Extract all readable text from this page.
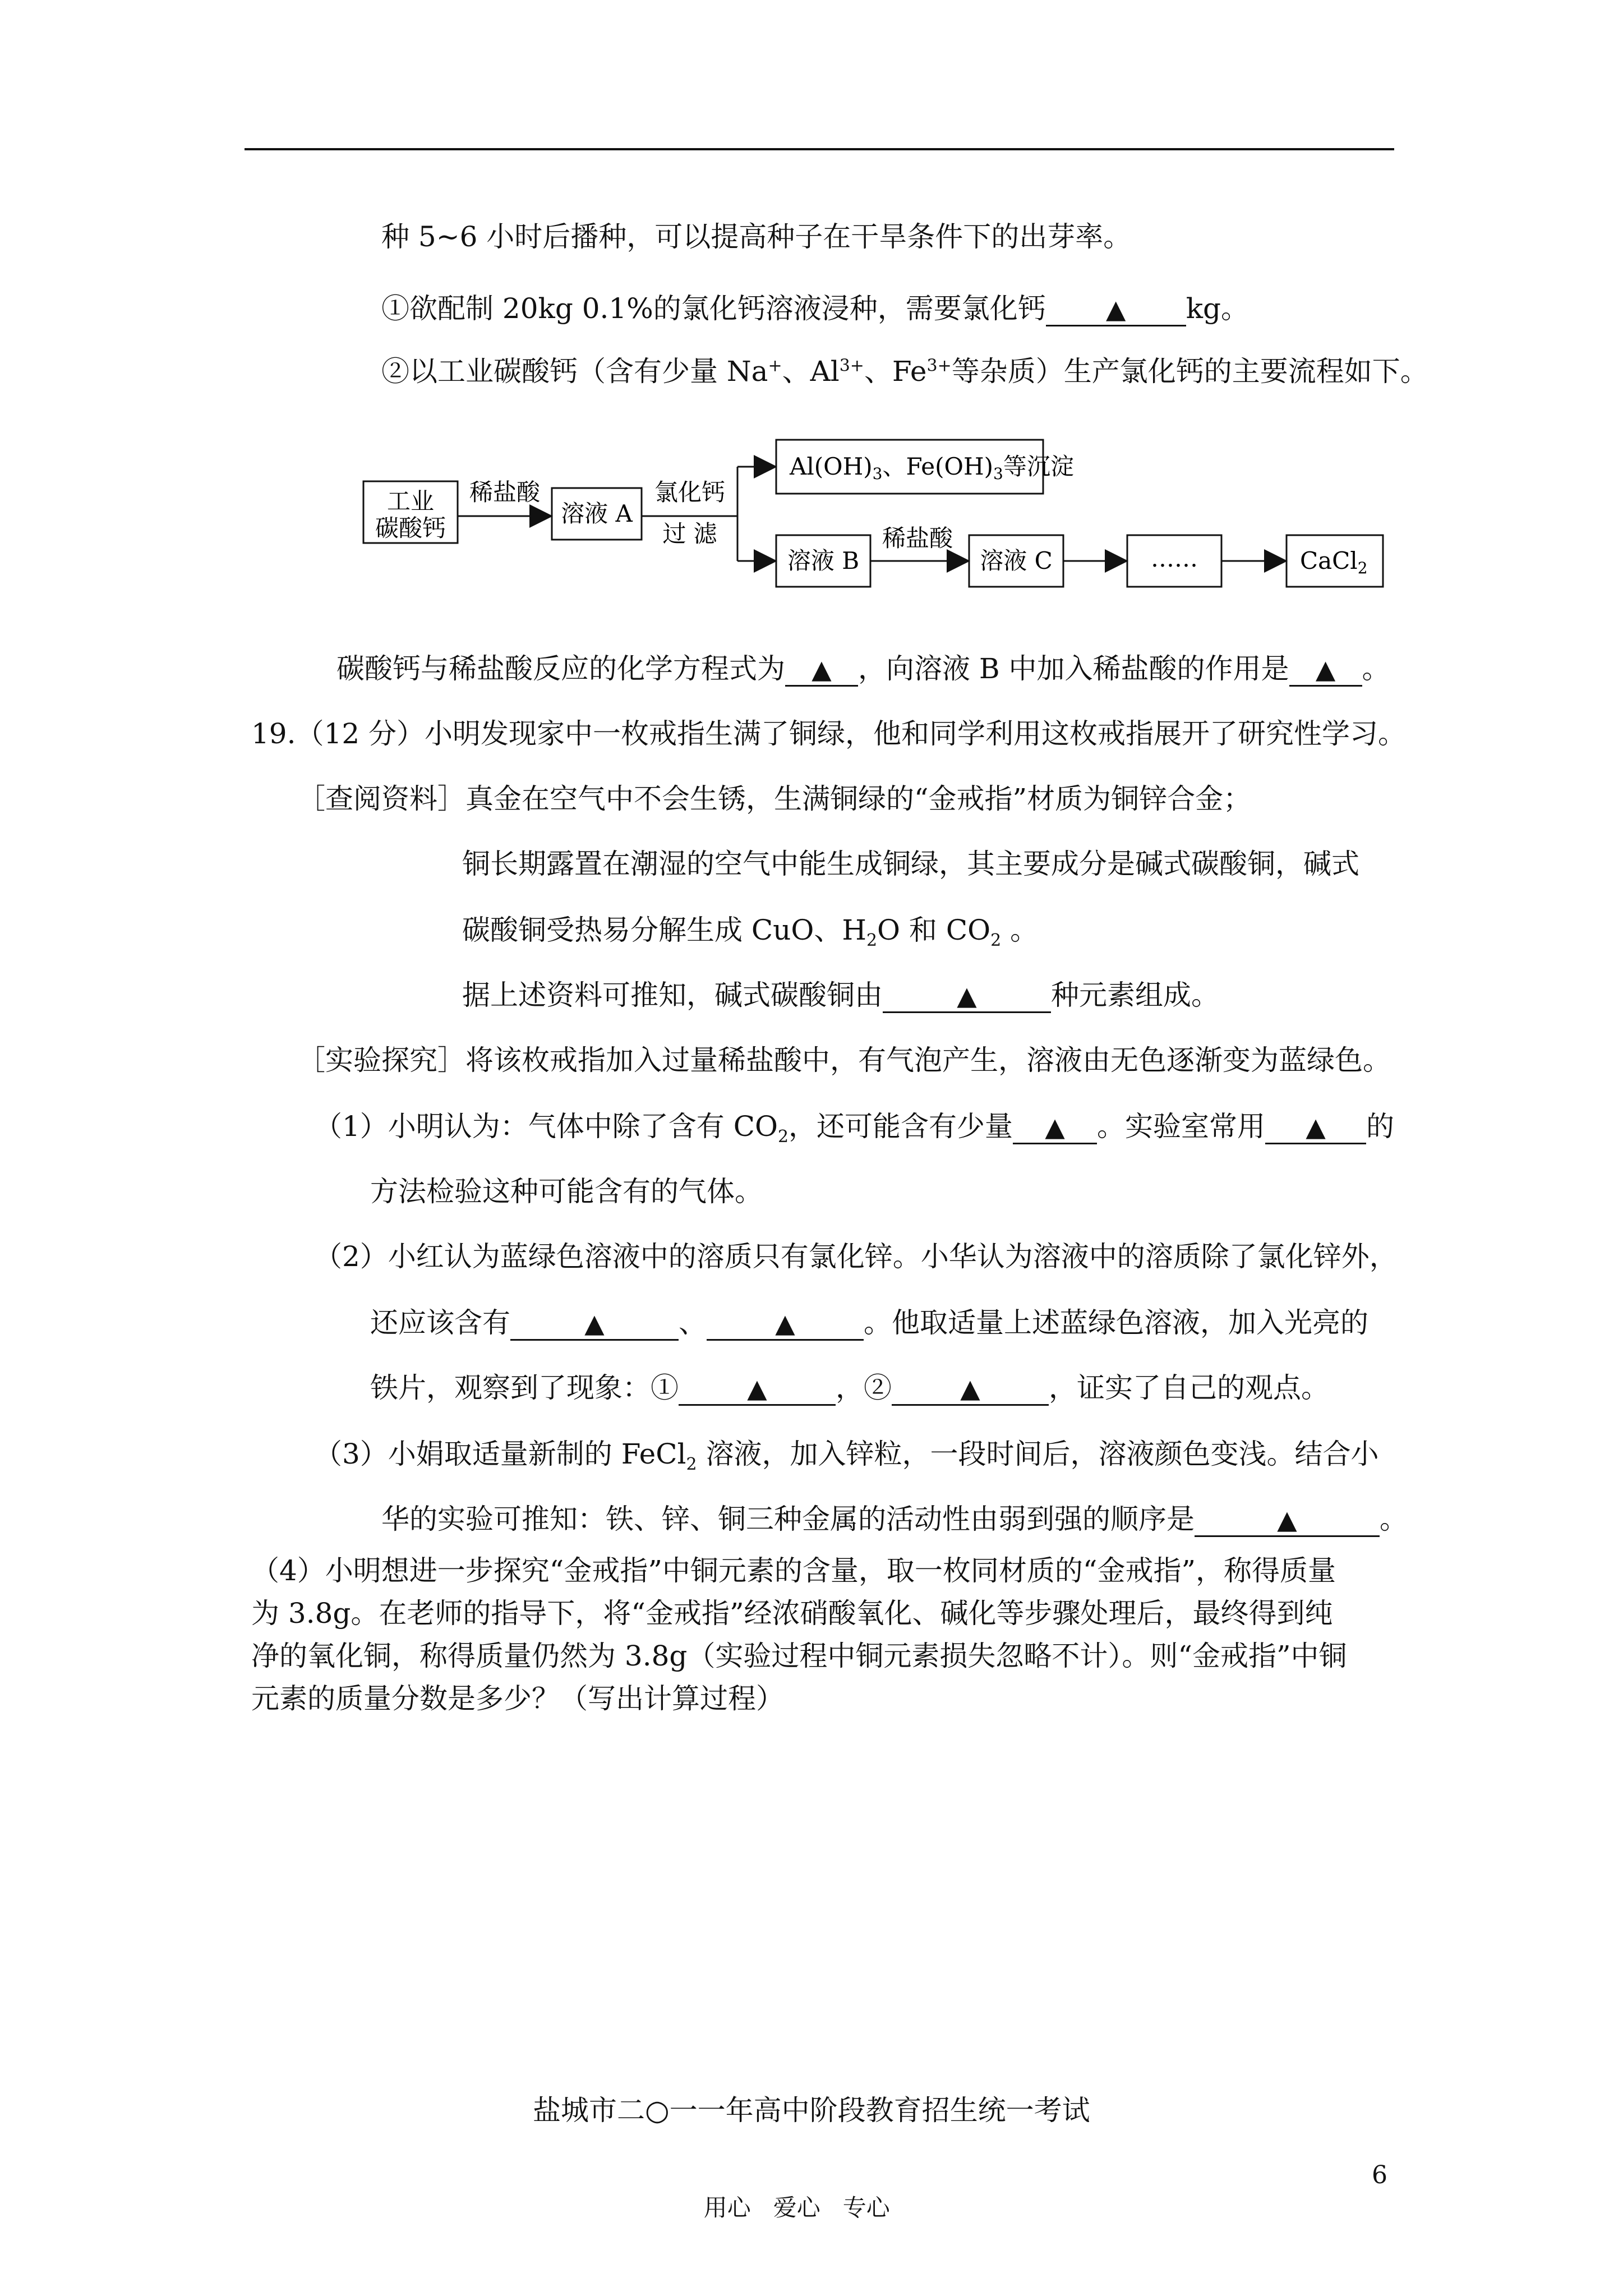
种 5~6 小时后播种，可以提高种子在干旱条件下的出芽率。
①欲配制 20kg 0.1%的氯化钙溶液浸种，需要氯化钙 ▲ kg。
②以工业碳酸钙（含有少量 Na+、$Al^{3+}$、$Fe^{3+}$等杂质）生产氯化钙的主要流程如下。
工业
碳酸钙
稀盐酸
溶液 A
氯化钙
过 滤
Al(OH)3、Fe(OH)3等沉淀
溶液 B
稀盐酸
溶液 C	……	CaCl2
碳酸钙与稀盐酸反应的化学方程式为 ▲ ，向溶液 B 中加入稀盐酸的作用是 ▲ 。
19.（12 分）小明发现家中一枚戒指生满了铜绿，他和同学利用这枚戒指展开了研究性学习。
［查阅资料］真金在空气中不会生锈，生满铜绿的“金戒指”材质为铜锌合金；
铜长期露置在潮湿的空气中能生成铜绿，其主要成分是碱式碳酸铜，碱式
碳酸铜受热易分解生成 CuO、$H_2O$ 和 $CO_2$ 。
据上述资料可推知，碱式碳酸铜由	▲	种元素组成。
［实验探究］将该枚戒指加入过量稀盐酸中，有气泡产生，溶液由无色逐渐变为蓝绿色。
（1）小明认为：气体中除了含有 $CO_2$，还可能含有少量 ▲ 。实验室常用 ▲ 的
方法检验这种可能含有的气体。
（2）小红认为蓝绿色溶液中的溶质只有氯化锌。小华认为溶液中的溶质除了氯化锌外，
还应该含有	▲	、	▲ 。他取适量上述蓝绿色溶液，加入光亮的
铁片，观察到了现象：①	▲ ，②	▲ ，证实了自己的观点。
（3）小娟取适量新制的 FeCl$_2$ 溶液，加入锌粒，一段时间后，溶液颜色变浅。结合小
华的实验可推知：铁、锌、铜三种金属的活动性由弱到强的顺序是	▲	。
（4）小明想进一步探究“金戒指”中铜元素的含量，取一枚同材质的“金戒指”，称得质量
为 3.8g。在老师的指导下，将“金戒指”经浓硝酸氧化、碱化等步骤处理后，最终得到纯
净的氧化铜，称得质量仍然为 3.8g（实验过程中铜元素损失忽略不计）。则“金戒指”中铜
元素的质量分数是多少？（写出计算过程）
盐城市二○一一年高中阶段教育招生统一考试

用心   爱心   专心

6
